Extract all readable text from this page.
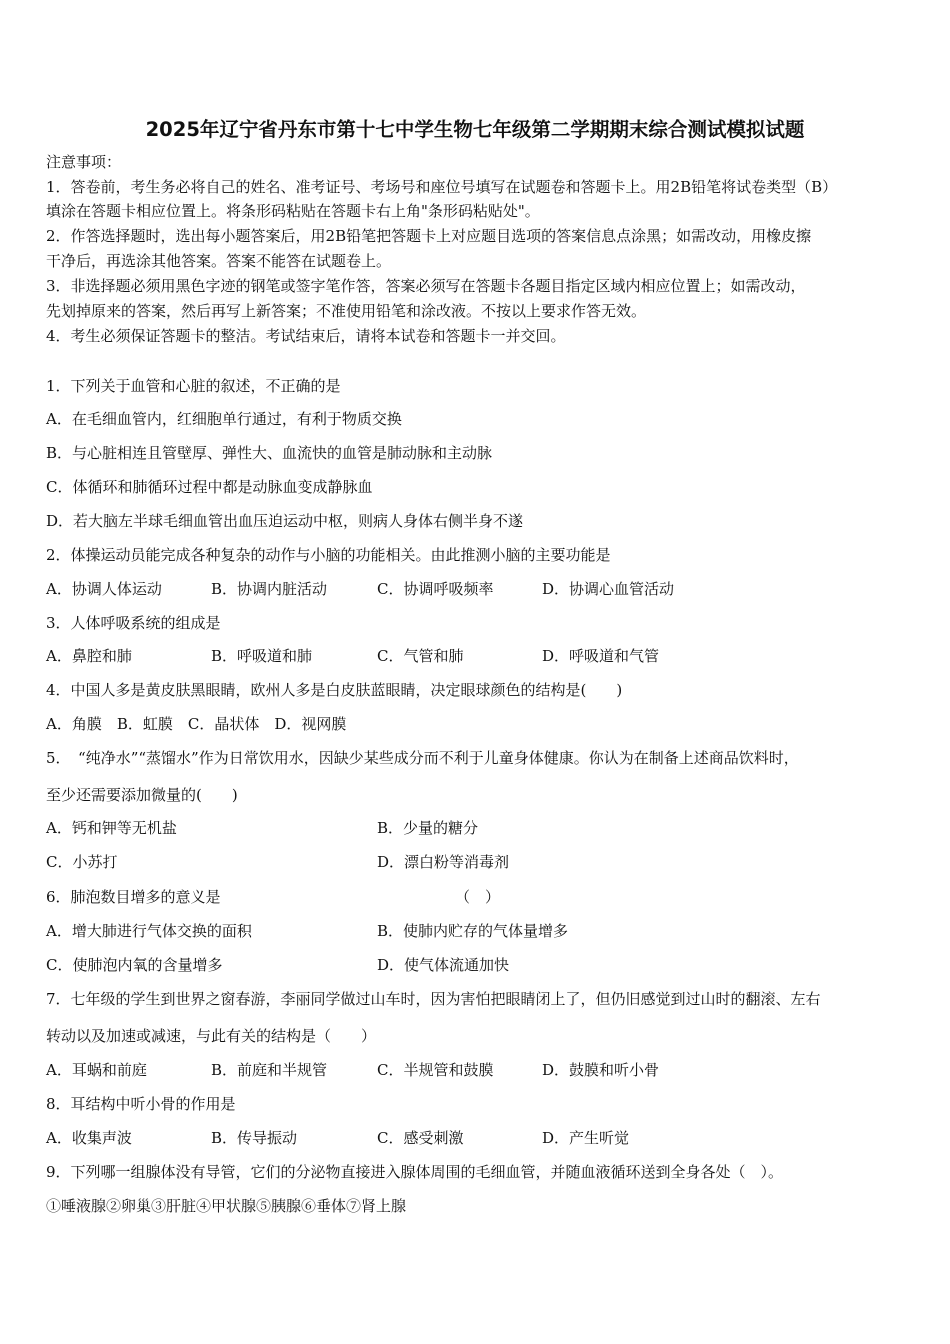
2025年辽宁省丹东市第十七中学生物七年级第二学期期末综合测试模拟试题
注意事项：
1．答卷前，考生务必将自己的姓名、准考证号、考场号和座位号填写在试题卷和答题卡上。用2B铅笔将试卷类型（B）
填涂在答题卡相应位置上。将条形码粘贴在答题卡右上角"条形码粘贴处"。
2．作答选择题时，选出每小题答案后，用2B铅笔把答题卡上对应题目选项的答案信息点涂黑；如需改动，用橡皮擦
干净后，再选涂其他答案。答案不能答在试题卷上。
3．非选择题必须用黑色字迹的钢笔或签字笔作答，答案必须写在答题卡各题目指定区域内相应位置上；如需改动，
先划掉原来的答案，然后再写上新答案；不准使用铅笔和涂改液。不按以上要求作答无效。
4．考生必须保证答题卡的整洁。考试结束后，请将本试卷和答题卡一并交回。
1．下列关于血管和心脏的叙述，不正确的是
A．在毛细血管内，红细胞单行通过，有利于物质交换
B．与心脏相连且管壁厚、弹性大、血流快的血管是肺动脉和主动脉
C．体循环和肺循环过程中都是动脉血变成静脉血
D．若大脑左半球毛细血管出血压迫运动中枢，则病人身体右侧半身不遂
2．体操运动员能完成各种复杂的动作与小脑的功能相关。由此推测小脑的主要功能是
A．协调人体运动	B．协调内脏活动	C．协调呼吸频率	D．协调心血管活动
3．人体呼吸系统的组成是
A．鼻腔和肺	B．呼吸道和肺	C．气管和肺	D．呼吸道和气管
4．中国人多是黄皮肤黑眼睛，欧州人多是白皮肤蓝眼睛，决定眼球颜色的结构是(　　)
A．角膜　B．虹膜　C．晶状体　D．视网膜
5．　“纯净水”“蒸馏水”作为日常饮用水，因缺少某些成分而不利于儿童身体健康。你认为在制备上述商品饮料时，
至少还需要添加微量的(　　)
A．钙和钾等无机盐	B．少量的糖分
C．小苏打	D．漂白粉等消毒剂
6．肺泡数目增多的意义是	（　）
A．增大肺进行气体交换的面积	B．使肺内贮存的气体量增多
C．使肺泡内氧的含量增多	D．使气体流通加快
7．七年级的学生到世界之窗春游，李丽同学做过山车时，因为害怕把眼睛闭上了，但仍旧感觉到过山时的翻滚、左右
转动以及加速或减速，与此有关的结构是（　　）
A．耳蜗和前庭	B．前庭和半规管	C．半规管和鼓膜	D．鼓膜和听小骨
8．耳结构中听小骨的作用是
A．收集声波	B．传导振动	C．感受刺激	D．产生听觉
9．下列哪一组腺体没有导管，它们的分泌物直接进入腺体周围的毛细血管，并随血液循环送到全身各处（　）。
①唾液腺②卵巢③肝脏④甲状腺⑤胰腺⑥垂体⑦肾上腺
